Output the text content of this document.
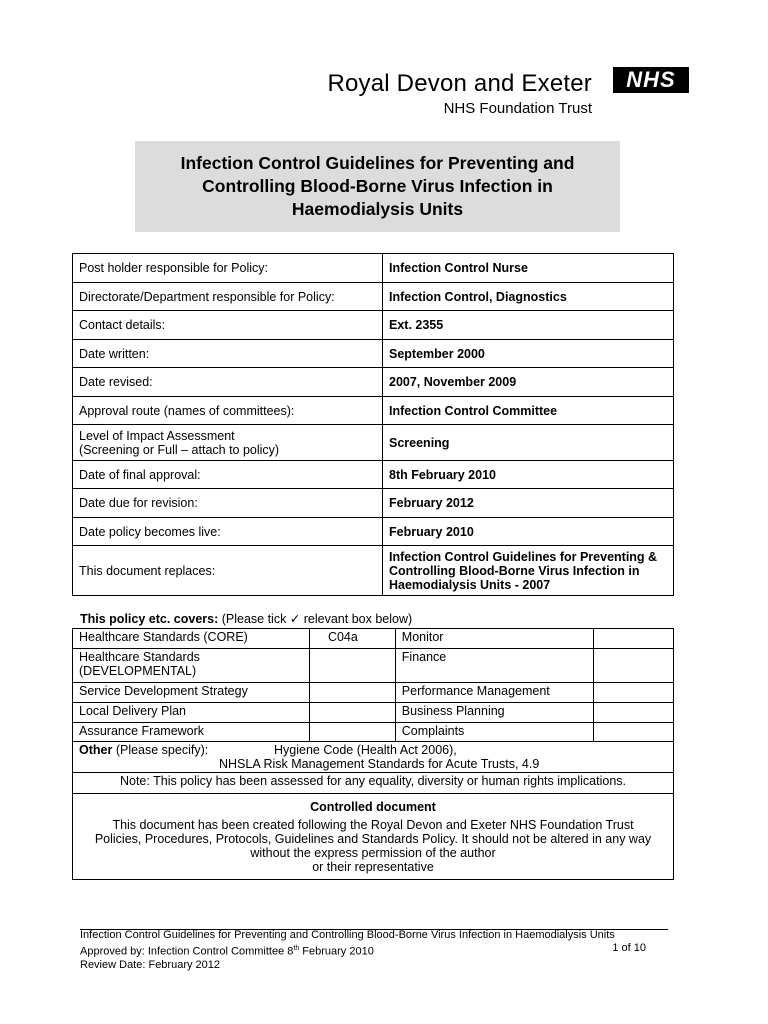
Royal Devon and Exeter
NHS Foundation Trust
NHS
Infection Control Guidelines for Preventing and Controlling Blood-Borne Virus Infection in Haemodialysis Units
Post holder responsible for Policy:	Infection Control Nurse
Directorate/Department responsible for Policy:	Infection Control, Diagnostics
Contact details:	Ext. 2355
Date written:	September 2000
Date revised:	2007, November 2009
Approval route (names of committees):	Infection Control Committee

Level of Impact Assessment
(Screening or Full – attach to policy)	Screening
Date of final approval:	8th February 2010
Date due for revision:	February 2012
Date policy becomes live:	February 2010
This document replaces:	Infection Control Guidelines for Preventing & Controlling Blood-Borne Virus Infection in Haemodialysis Units - 2007
This policy etc. covers: (Please tick ✓ relevant box below)
Healthcare Standards (CORE)	C04a	Monitor	
Healthcare Standards (DEVELOPMENTAL)		Finance	
Service Development Strategy		Performance Management	
Local Delivery Plan		Business Planning	
Assurance Framework		Complaints	

Other (Please specify): Hygiene Code (Health Act 2006),
NHSLA Risk Management Standards for Acute Trusts, 4.9			

Note: This policy has been assessed for any equality, diversity or human rights implications.			

Controlled document
This document has been created following the Royal Devon and Exeter NHS Foundation Trust
Policies, Procedures, Protocols, Guidelines and Standards Policy. It should not be altered in any way
without the express permission of the author
or their representative			
Infection Control Guidelines for Preventing and Controlling Blood-Borne Virus Infection in Haemodialysis Units
Approved by: Infection Control Committee 8th February 2010	1 of 10
Review Date: February 2012
